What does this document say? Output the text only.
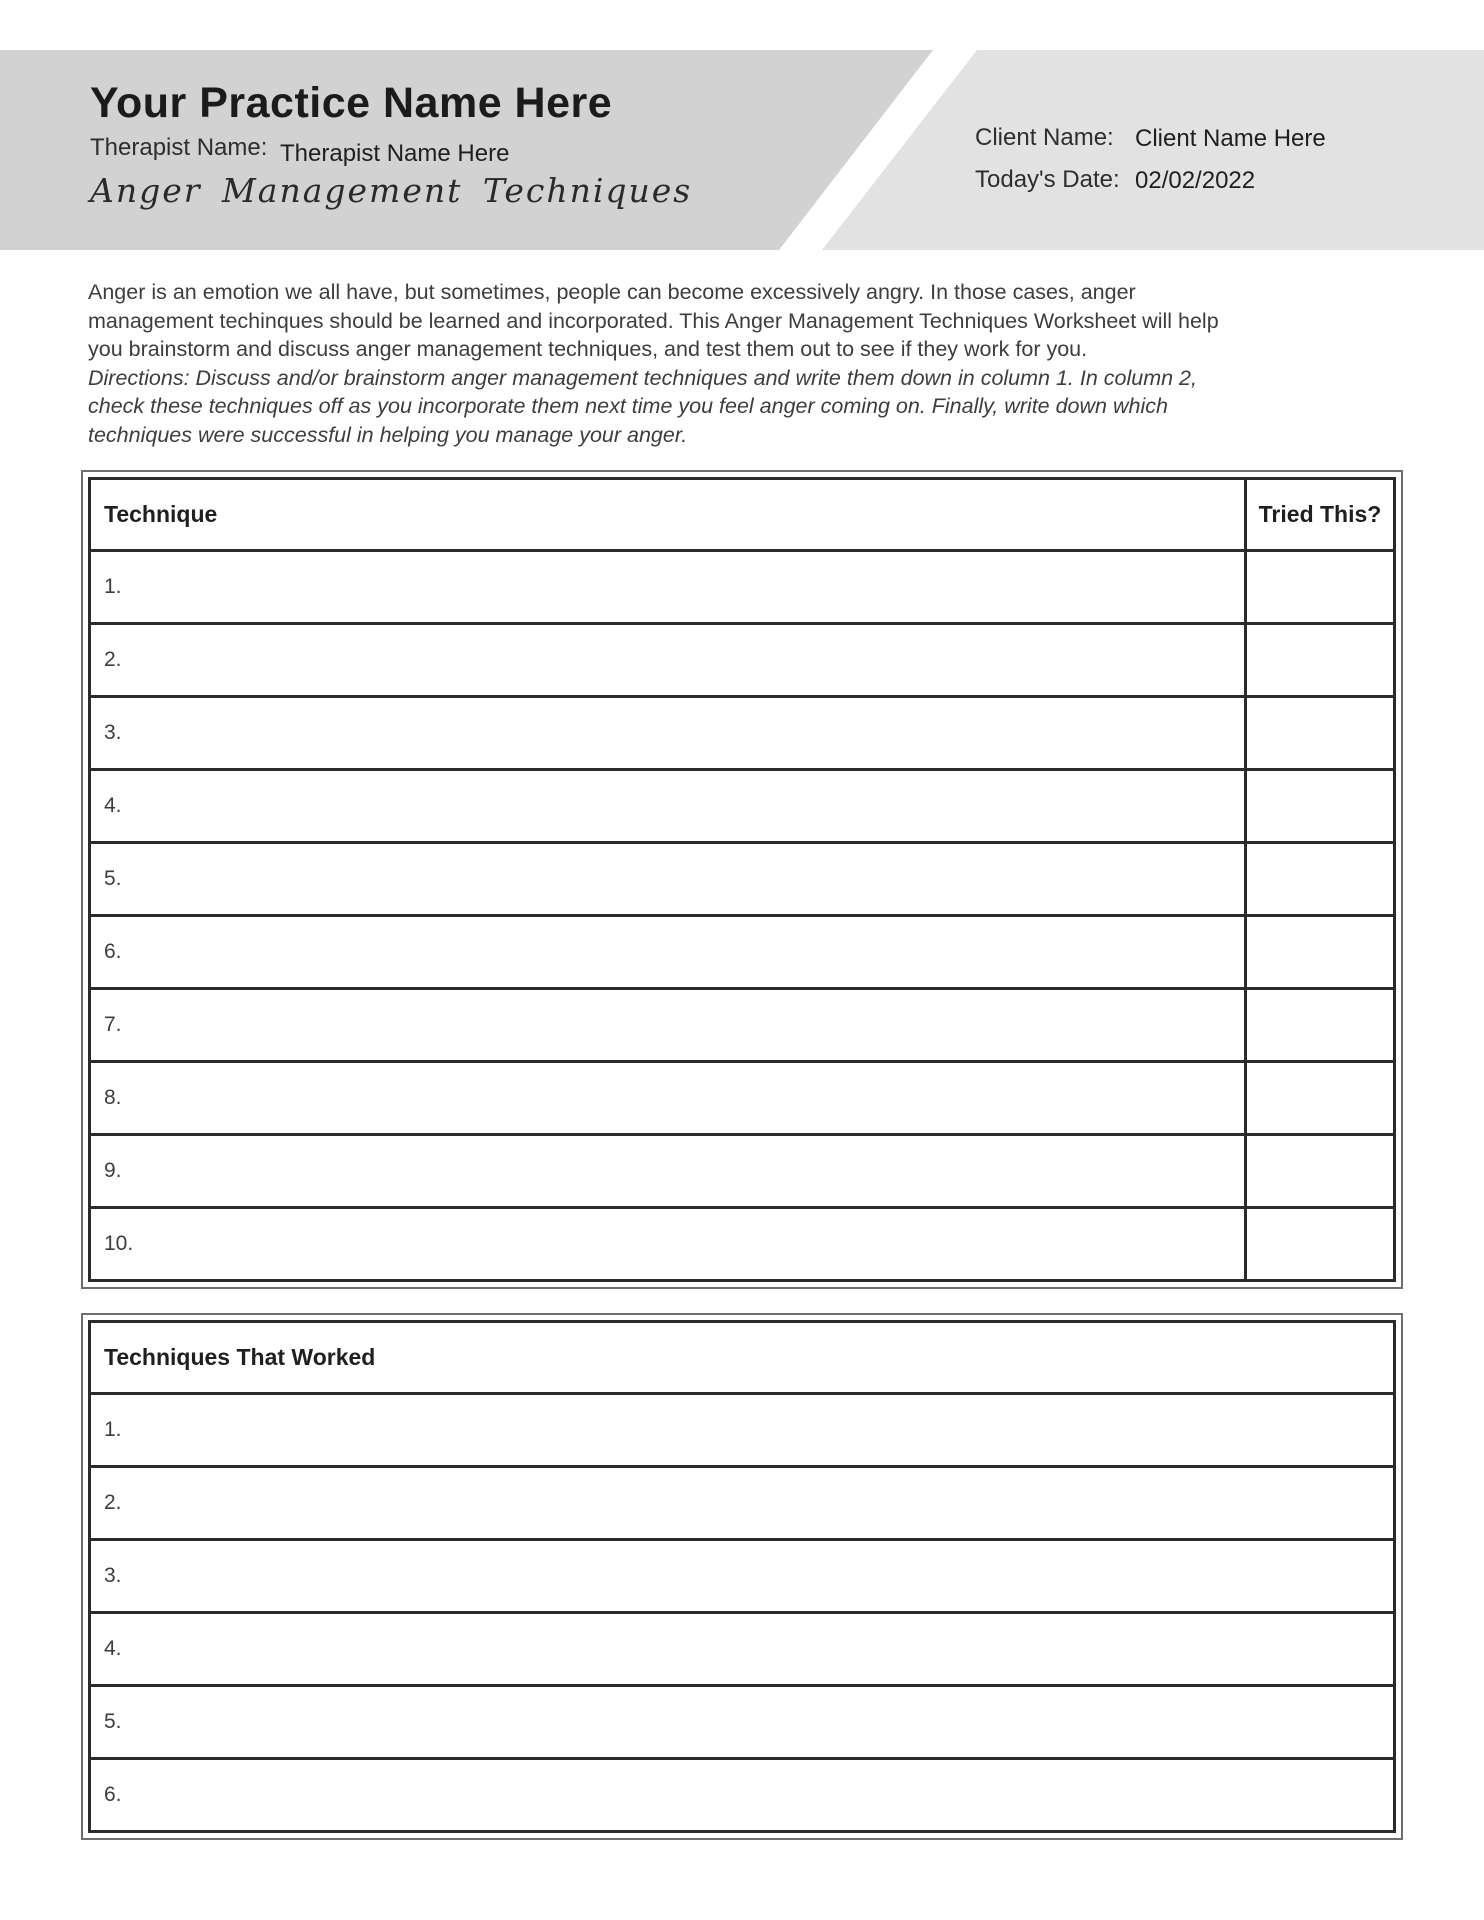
Your Practice Name Here
Therapist Name: Therapist Name Here
Anger Management Techniques
Client Name: Client Name Here
Today's Date: 02/02/2022
Anger is an emotion we all have, but sometimes, people can become excessively angry. In those cases, anger
management techinques should be learned and incorporated. This Anger Management Techniques Worksheet will help
you brainstorm and discuss anger management techniques, and test them out to see if they work for you.
Directions: Discuss and/or brainstorm anger management techniques and write them down in column 1. In column 2,
check these techniques off as you incorporate them next time you feel anger coming on. Finally, write down which
techniques were successful in helping you manage your anger.
Technique	Tried This?
1.	
2.	
3.	
4.	
5.	
6.	
7.	
8.	
9.	
10.	
Techniques That Worked
1.
2.
3.
4.
5.
6.
